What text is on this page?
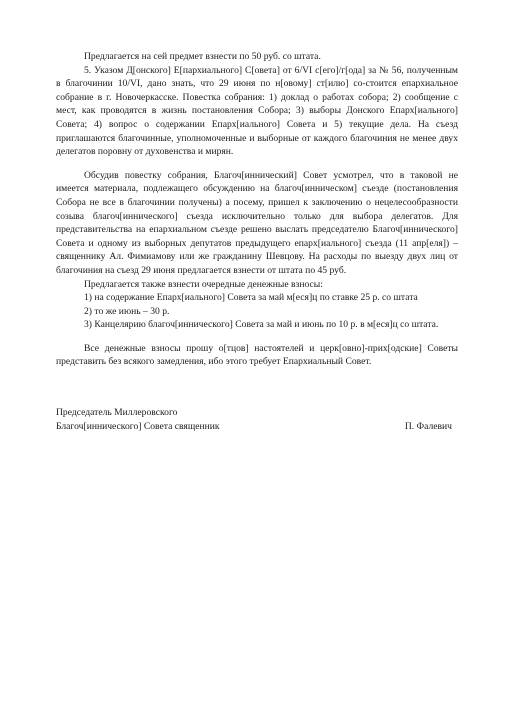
Предлагается на сей предмет взнести по 50 руб. со штата.

5. Указом Д[онского] Е[пархиального] С[овета] от 6/VI с[его]/г[ода] за № 56, полученным в благочинии 10/VI, дано знать, что 29 июня по н[овому] ст[илю] со-стоится епархиальное собрание в г. Новочеркасске. Повестка собрания: 1) доклад о работах собора; 2) сообщение с мест, как проводятся в жизнь постановления Собора; 3) выборы Донского Епарх[иального] Совета; 4) вопрос о содержании Епарх[иального] Совета и 5) текущие дела. На съезд приглашаются благочинные, уполномоченные и выборные от каждого благочиния не менее двух делегатов поровну от духовенства и мирян.

Обсудив повестку собрания, Благоч[иннический] Совет усмотрел, что в таковой не имеется материала, подлежащего обсуждению на благоч[инническом] съезде (постановления Собора не все в благочинии получены) а посему, пришел к заключению о нецелесообразности созыва благоч[иннического] съезда исключительно только для выбора делегатов. Для представительства на епархиальном съезде решено выслать председателю Благоч[иннического] Совета и одному из выборных депутатов предыдущего епарх[иального] съезда (11 апр[еля]) – священнику Ал. Фимиамову или же гражданину Шевцову. На расходы по выезду двух лиц от благочиния на съезд 29 июня предлагается взнести от штата по 45 руб.

Предлагается также взнести очередные денежные взносы:

1) на содержание Епарх[иального] Совета за май м[еся]ц по ставке 25 р. со штата

2) то же июнь – 30 р.

3) Канцелярию благоч[иннического] Совета за май и июнь по 10 р. в м[еся]ц со штата.

Все денежные взносы прошу о[тцов] настоятелей и церк[овно]-прих[одские] Советы представить без всякого замедления, ибо этого требует Епархиальный Совет.

Председатель Миллеровского
Благоч[иннического] Совета священник	П. Фалевич
